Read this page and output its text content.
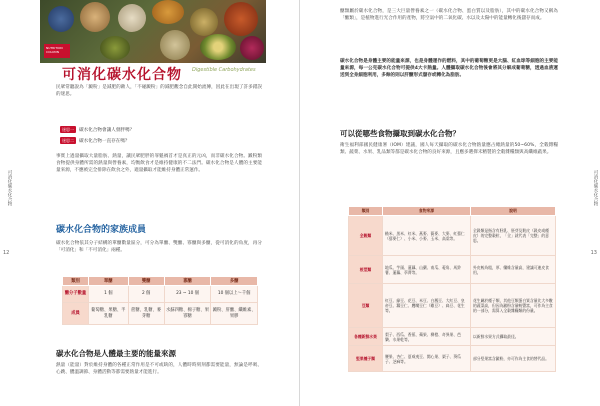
可消化碳水化合物
12
NUTRITION COLUMN
可消化碳水化合物 Digestible Carbohydrates
民眾常聽說為「澱粉」是減肥的敵人，「不碰澱粉」的減肥觀念自此開始流傳，因此在出現了許多錯誤的迷思。
迷思一 碳水化合物會讓人發胖嗎？
迷思二 碳水化合物一直存在嗎？
事實上過量攝取大量脂肪、熱量，讓民眾肥胖的罪魁禍首才是真正的元凶，而非碳水化合物。澱粉類食物提供身體所需的熱量與營養素，均衡飲食才是維持健康的不二法門。碳水化合物是人體的主要能量來源，不應被完全排除在飲食之外，適量攝取才能維持身體正常運作。
碳水化合物的家族成員
碳水化合物依其分子結構的單醣數量區分，可分為單醣、雙醣、寡醣與多醣，從可消化的角度，再分「可消化」和「不可消化」兩種。
類別	單醣	雙醣	寡醣	多醣
醣分子數量	1 個	2 個	23 ~ 10 個	10 個以上～千個
成員	葡萄糖、果糖、半乳糖	蔗糖、乳糖、麥芽糖	水蘇四糖、棉子糖、果寡糖	澱粉、肝醣、纖維素、果膠
碳水化合物是人體最主要的能量來源
熱量（能量）對於維持身體的各種正常作用是不可或缺的，人體時時刻刻都需要能量，無論是呼吸、心跳、體溫調節、身體活動等都需要熱量才能進行。
可消化碳水化合物
13
醣類屬於碳水化合物，是三大巨量營養素之一（碳水化合物、蛋白質以及脂肪），其中的碳水化合物又稱為「醣類」，是植物進行光合作用的產物，將空氣中的二氧化碳、水以及太陽中的能量轉化後儲存而成。
碳水化合物是身體主要的能量來源，也是身體運作的燃料，其中的葡萄糖更是大腦、紅血球等細胞的主要能量來源，每一公克碳水化合物可提供4大卡熱量。人體攝取碳水化合物後會將其分解成葡萄糖，透過血液運送到全身細胞利用，多餘的則以肝醣形式儲存或轉化為脂肪。
可以從哪些食物攝取到碳水化合物？
衛生福利部國民健康署（IOM）建議，國人每天攝取的碳水化合物熱量應占總熱量的50~60%，全穀雜糧類、蔬菜、水果、乳品類等都是碳水化合物的良好來源，且應多選擇未精製的全穀雜糧類與高纖維蔬果。
類別	食物來源	說明
全穀類	糙米、黑米、紅米、燕麥、蕎麥、大麥、紅藜仁（藜麥仁）、小米、小麥、玉米、高粱等。	全穀類是指含有胚乳、胚芽及麩皮（穀皮或種皮）的完整穀粒，「全」就代表「完整」的意思。
根莖類	地瓜、芋頭、蓮藕、山藥、南瓜、菱角、馬鈴薯、蓮藕、荸薺等。	外皮較為粗，厚、纖維含量高，建議可連皮食用。
豆類	紅豆、綠豆、花豆、米豆、白鳳豆、大紅豆、皇帝豆、蠶豆仁、鷹嘴豆仁（雞豆）、扁豆、花生等。	花生屬於種子類，其他豆類蛋白質含量比大多數的蔬菜高，但因為澱粉含量較豐富，可作為主食的一部分，需算入全穀雜糧類的份量。
各種新鮮水果	梨子、西瓜、香蕉、蘋果、柳橙、奇異果、芭樂、水果乾等。	以新鮮水果方式攝取最佳。
堅果種子類	腰果、杏仁、夏威夷豆、開心果、栗子、葵瓜子、芝麻等。	部分堅果富含澱粉，亦可作為主食的替代品。
